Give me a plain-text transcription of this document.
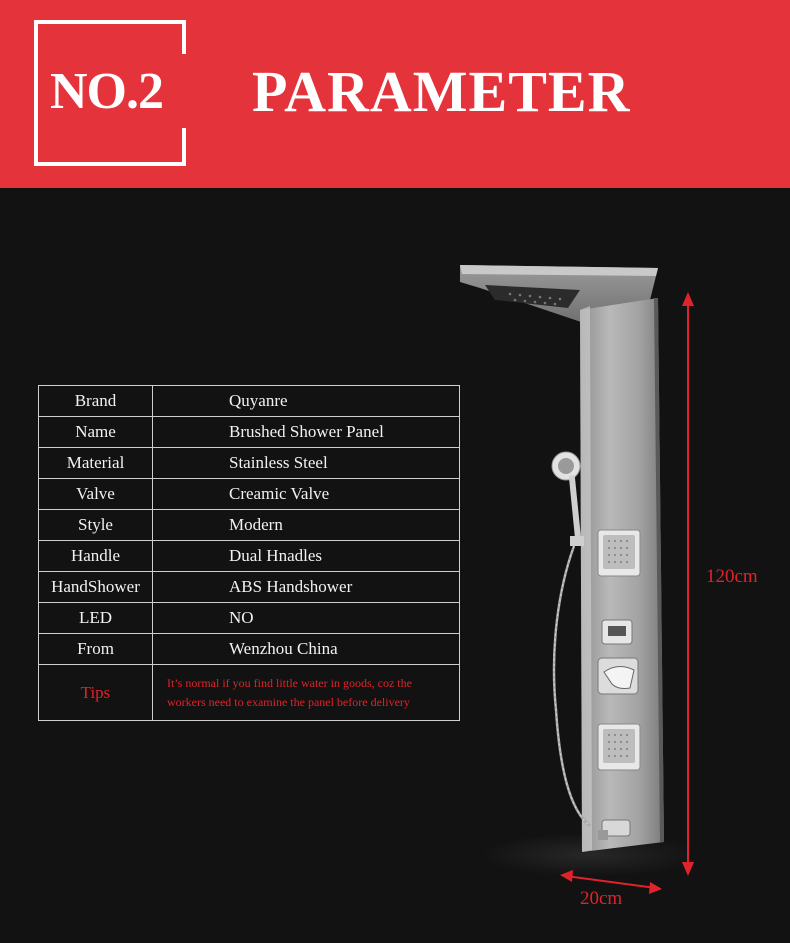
NO.2 PARAMETER
Brand	Quyanre
Name	Brushed Shower Panel
Material	Stainless Steel
Valve	Creamic Valve
Style	Modern
Handle	Dual Hnadles
HandShower	ABS Handshower
LED	NO
From	Wenzhou China
Tips	It’s normal if you find little water in goods, coz the
workers need to examine the panel before delivery
120cm
20cm
